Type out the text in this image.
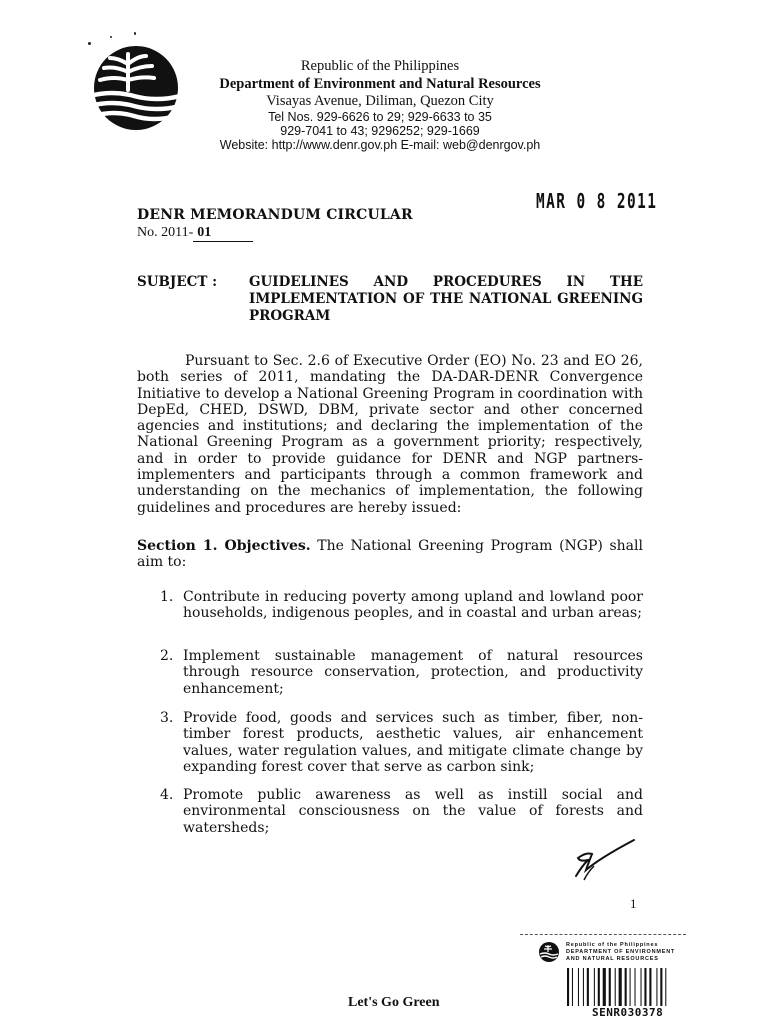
Republic of the Philippines
Department of Environment and Natural Resources
Visayas Avenue, Diliman, Quezon City
Tel Nos. 929-6626 to 29; 929-6633 to 35
929-7041 to 43; 9296252; 929-1669
Website: http://www.denr.gov.ph E-mail: web@denrgov.ph
MAR 0 8 2011
DENR MEMORANDUM CIRCULAR
No. 2011- 01
SUBJECT : GUIDELINES AND PROCEDURES IN THE
IMPLEMENTATION OF THE NATIONAL GREENING
PROGRAM
Pursuant to Sec. 2.6 of Executive Order (EO) No. 23 and EO 26, both series of 2011, mandating the DA-DAR-DENR Convergence Initiative to develop a National Greening Program in coordination with DepEd, CHED, DSWD, DBM, private sector and other concerned agencies and institutions; and declaring the implementation of the National Greening Program as a government priority; respectively, and in order to provide guidance for DENR and NGP partners-implementers and participants through a common framework and understanding on the mechanics of implementation, the following guidelines and procedures are hereby issued:
Section 1. Objectives. The National Greening Program (NGP) shall aim to:
1. Contribute in reducing poverty among upland and lowland poor households, indigenous peoples, and in coastal and urban areas;
2. Implement sustainable management of natural resources through resource conservation, protection, and productivity enhancement;
3. Provide food, goods and services such as timber, fiber, non-timber forest products, aesthetic values, air enhancement values, water regulation values, and mitigate climate change by expanding forest cover that serve as carbon sink;
4. Promote public awareness as well as instill social and environmental consciousness on the value of forests and watersheds;
1
Republic of the Philippines
DEPARTMENT OF ENVIRONMENT
AND NATURAL RESOURCES
SENR030378
Let's Go Green
